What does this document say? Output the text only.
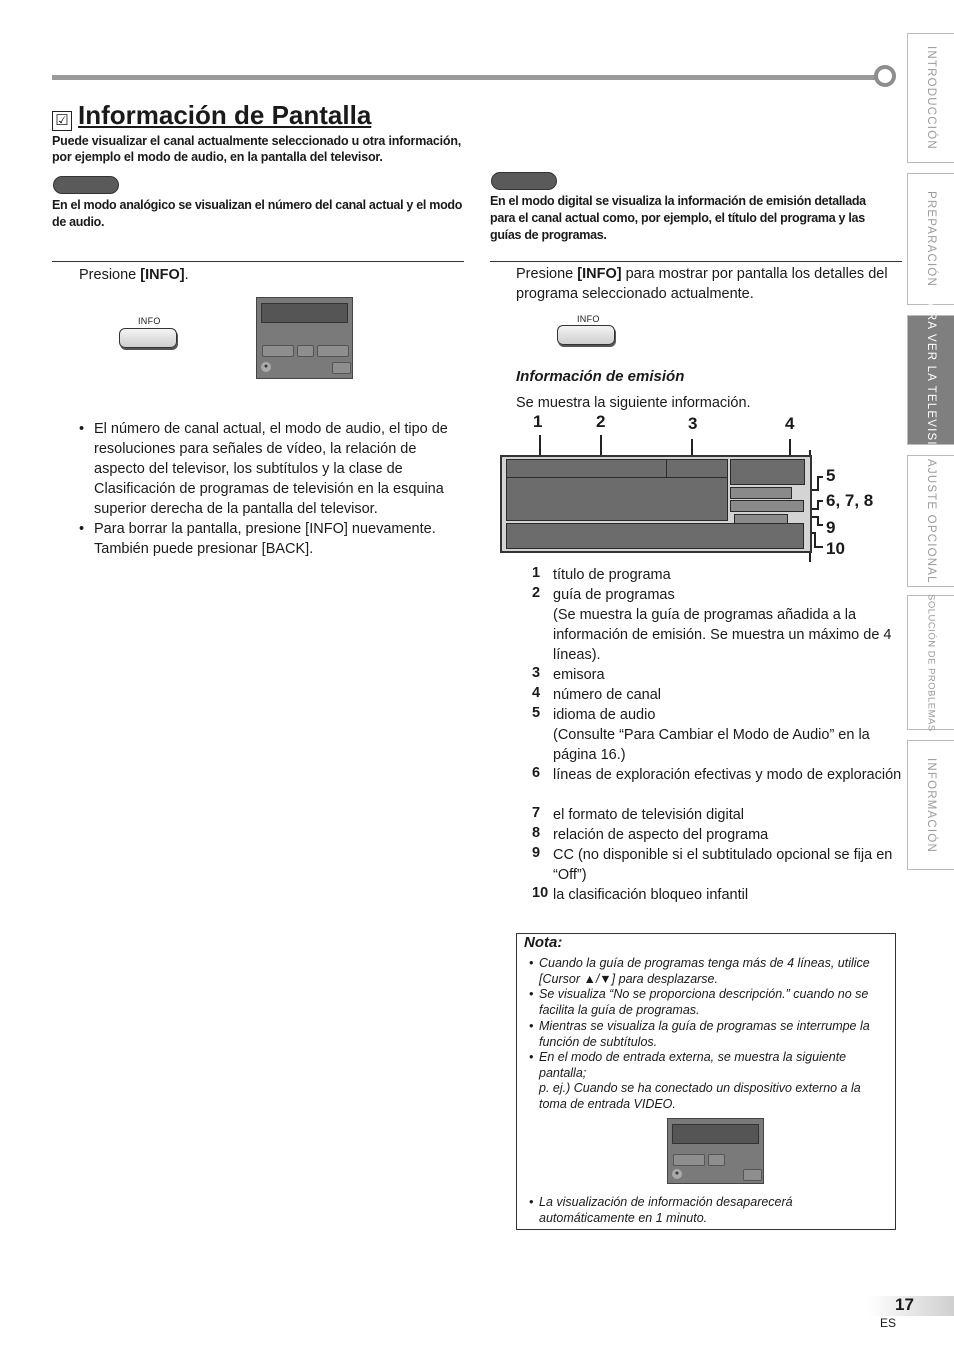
☑ Información de Pantalla
Puede visualizar el canal actualmente seleccionado u otra información, por ejemplo el modo de audio, en la pantalla del televisor.
En el modo analógico se visualizan el número del canal actual y el modo de audio.
Presione [INFO].
INFO
●
• El número de canal actual, el modo de audio, el tipo de resoluciones para señales de vídeo, la relación de aspecto del televisor, los subtítulos y la clase de Clasificación de programas de televisión en la esquina superior derecha de la pantalla del televisor.
• Para borrar la pantalla, presione [INFO] nuevamente. También puede presionar [BACK].
En el modo digital se visualiza la información de emisión detallada para el canal actual como, por ejemplo, el título del programa y las guías de programas.
Presione [INFO] para mostrar por pantalla los detalles del programa seleccionado actualmente.
INFO
Información de emisión
Se muestra la siguiente información.
1	2	3	4
5
6, 7, 8
9
10
1 título de programa
2 guía de programas
(Se muestra la guía de programas añadida a la información de emisión. Se muestra un máximo de 4 líneas).
3 emisora
4 número de canal
5 idioma de audio
(Consulte “Para Cambiar el Modo de Audio” en la página 16.)
6 líneas de exploración efectivas y modo de exploración
7 el formato de televisión digital
8 relación de aspecto del programa
9 CC (no disponible si el subtitulado opcional se fija en “Off”)
10 la clasificación bloqueo infantil
Nota:
• Cuando la guía de programas tenga más de 4 líneas, utilice [Cursor ▲/▼] para desplazarse.
• Se visualiza “No se proporciona descripción.” cuando no se facilita la guía de programas.
• Mientras se visualiza la guía de programas se interrumpe la función de subtítulos.
• En el modo de entrada externa, se muestra la siguiente pantalla;
p. ej.) Cuando se ha conectado un dispositivo externo a la toma de entrada VIDEO.
●
• La visualización de información desaparecerá automáticamente en 1 minuto.
INTRODUCCIÓN
PREPARACIÓN
PARA VER LA TELEVISIÓN
AJUSTE OPCIONAL
SOLUCIÓN DE PROBLEMAS
INFORMACIÓN
17
ES
